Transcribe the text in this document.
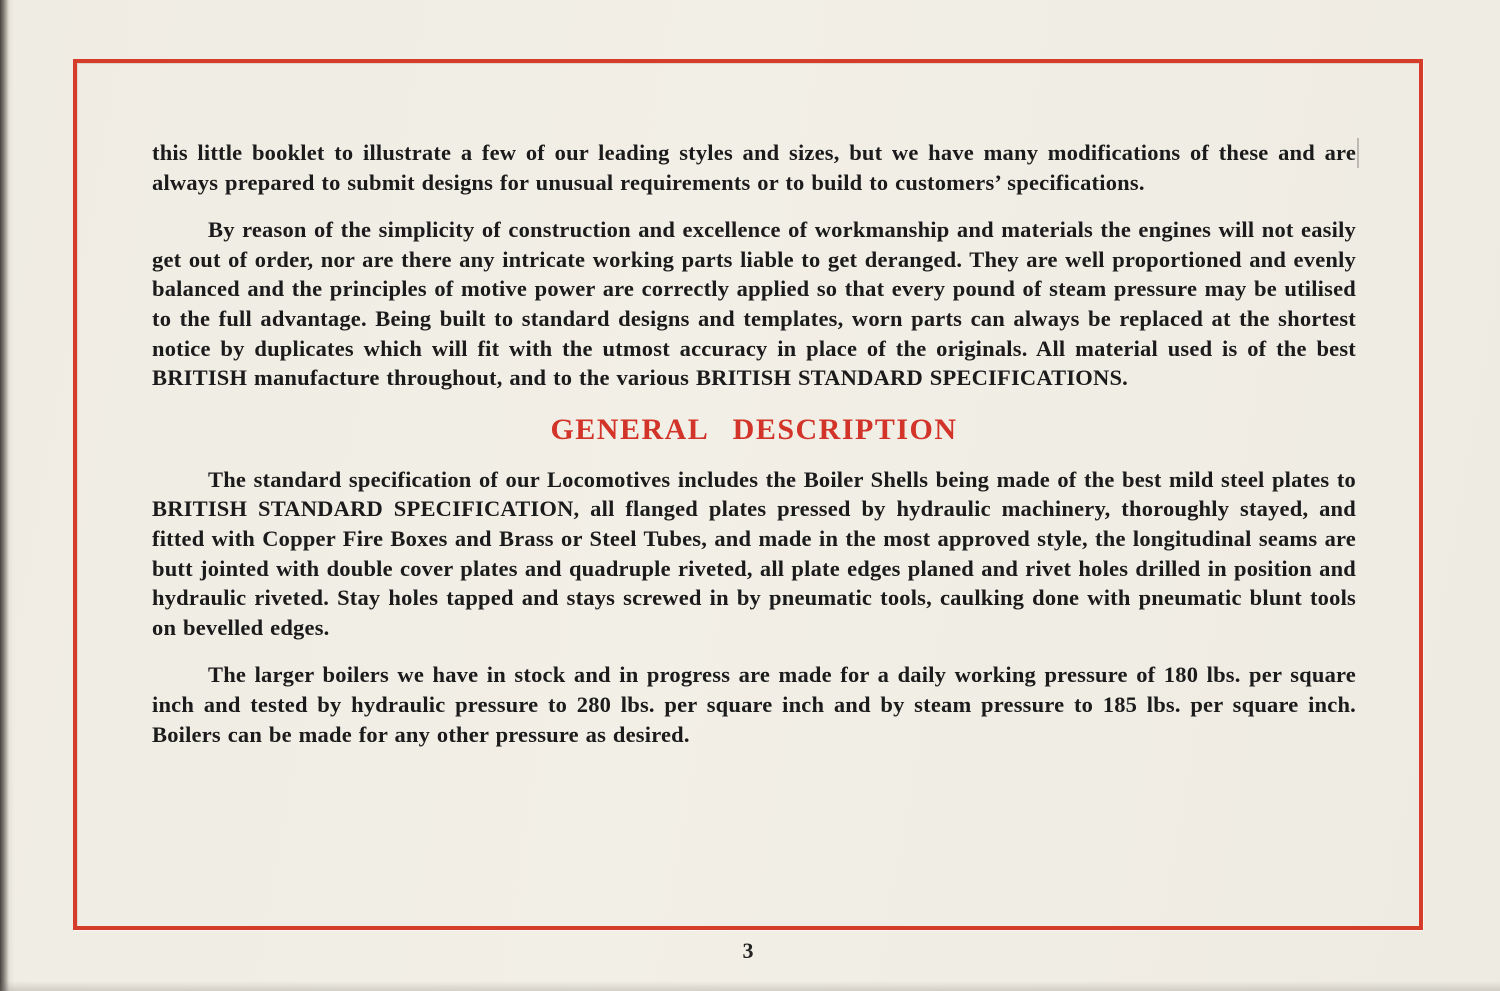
this little booklet to illustrate a few of our leading styles and sizes, but we have many modifications of these and are always prepared to submit designs for unusual requirements or to build to customers’ specifications.

By reason of the simplicity of construction and excellence of workmanship and materials the engines will not easily get out of order, nor are there any intricate working parts liable to get deranged. They are well proportioned and evenly balanced and the principles of motive power are correctly applied so that every pound of steam pressure may be utilised to the full advantage. Being built to standard designs and templates, worn parts can always be replaced at the shortest notice by duplicates which will fit with the utmost accuracy in place of the originals. All material used is of the best BRITISH manufacture throughout, and to the various BRITISH STANDARD SPECIFICATIONS.

GENERAL DESCRIPTION

The standard specification of our Locomotives includes the Boiler Shells being made of the best mild steel plates to BRITISH STANDARD SPECIFICATION, all flanged plates pressed by hydraulic machinery, thoroughly stayed, and fitted with Copper Fire Boxes and Brass or Steel Tubes, and made in the most approved style, the longitudinal seams are butt jointed with double cover plates and quadruple riveted, all plate edges planed and rivet holes drilled in position and hydraulic riveted. Stay holes tapped and stays screwed in by pneumatic tools, caulking done with pneumatic blunt tools on bevelled edges.

The larger boilers we have in stock and in progress are made for a daily working pressure of 180 lbs. per square inch and tested by hydraulic pressure to 280 lbs. per square inch and by steam pressure to 185 lbs. per square inch. Boilers can be made for any other pressure as desired.

3
